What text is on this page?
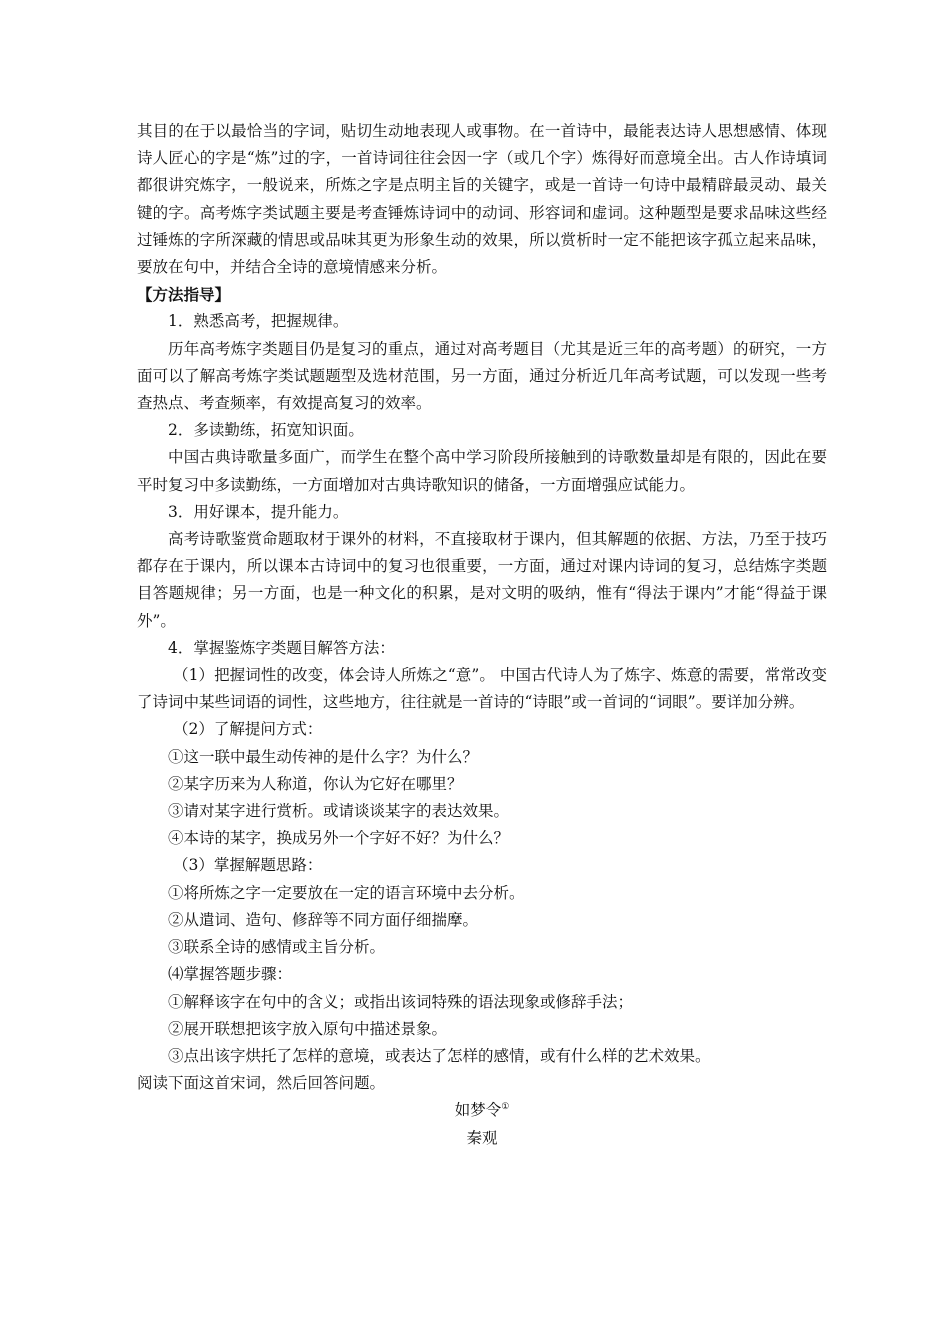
其目的在于以最恰当的字词，贴切生动地表现人或事物。在一首诗中，最能表达诗人思想感情、体现诗人匠心的字是“炼”过的字，一首诗词往往会因一字（或几个字）炼得好而意境全出。古人作诗填词都很讲究炼字，一般说来，所炼之字是点明主旨的关键字，或是一首诗一句诗中最精辟最灵动、最关键的字。高考炼字类试题主要是考查锤炼诗词中的动词、形容词和虚词。这种题型是要求品味这些经过锤炼的字所深藏的情思或品味其更为形象生动的效果，所以赏析时一定不能把该字孤立起来品味，要放在句中，并结合全诗的意境情感来分析。

【方法指导】

1．熟悉高考，把握规律。

历年高考炼字类题目仍是复习的重点，通过对高考题目（尤其是近三年的高考题）的研究，一方面可以了解高考炼字类试题题型及选材范围，另一方面，通过分析近几年高考试题，可以发现一些考查热点、考查频率，有效提高复习的效率。

2．多读勤练，拓宽知识面。

中国古典诗歌量多面广，而学生在整个高中学习阶段所接触到的诗歌数量却是有限的，因此在要平时复习中多读勤练，一方面增加对古典诗歌知识的储备，一方面增强应试能力。

3．用好课本，提升能力。

高考诗歌鉴赏命题取材于课外的材料，不直接取材于课内，但其解题的依据、方法，乃至于技巧都存在于课内，所以课本古诗词中的复习也很重要，一方面，通过对课内诗词的复习，总结炼字类题目答题规律；另一方面，也是一种文化的积累，是对文明的吸纳，惟有“得法于课内”才能“得益于课外”。

4．掌握鉴炼字类题目解答方法：

（1）把握词性的改变，体会诗人所炼之“意”。 中国古代诗人为了炼字、炼意的需要，常常改变了诗词中某些词语的词性，这些地方，往往就是一首诗的“诗眼”或一首词的“词眼”。要详加分辨。

（2）了解提问方式：

①这一联中最生动传神的是什么字？为什么？

②某字历来为人称道，你认为它好在哪里？

③请对某字进行赏析。或请谈谈某字的表达效果。

④本诗的某字，换成另外一个字好不好？为什么？

（3）掌握解题思路：

①将所炼之字一定要放在一定的语言环境中去分析。

②从遣词、造句、修辞等不同方面仔细揣摩。

③联系全诗的感情或主旨分析。

⑷掌握答题步骤：

①解释该字在句中的含义；或指出该词特殊的语法现象或修辞手法；

②展开联想把该字放入原句中描述景象。

③点出该字烘托了怎样的意境，或表达了怎样的感情，或有什么样的艺术效果。

阅读下面这首宋词，然后回答问题。

如梦令①

秦观
